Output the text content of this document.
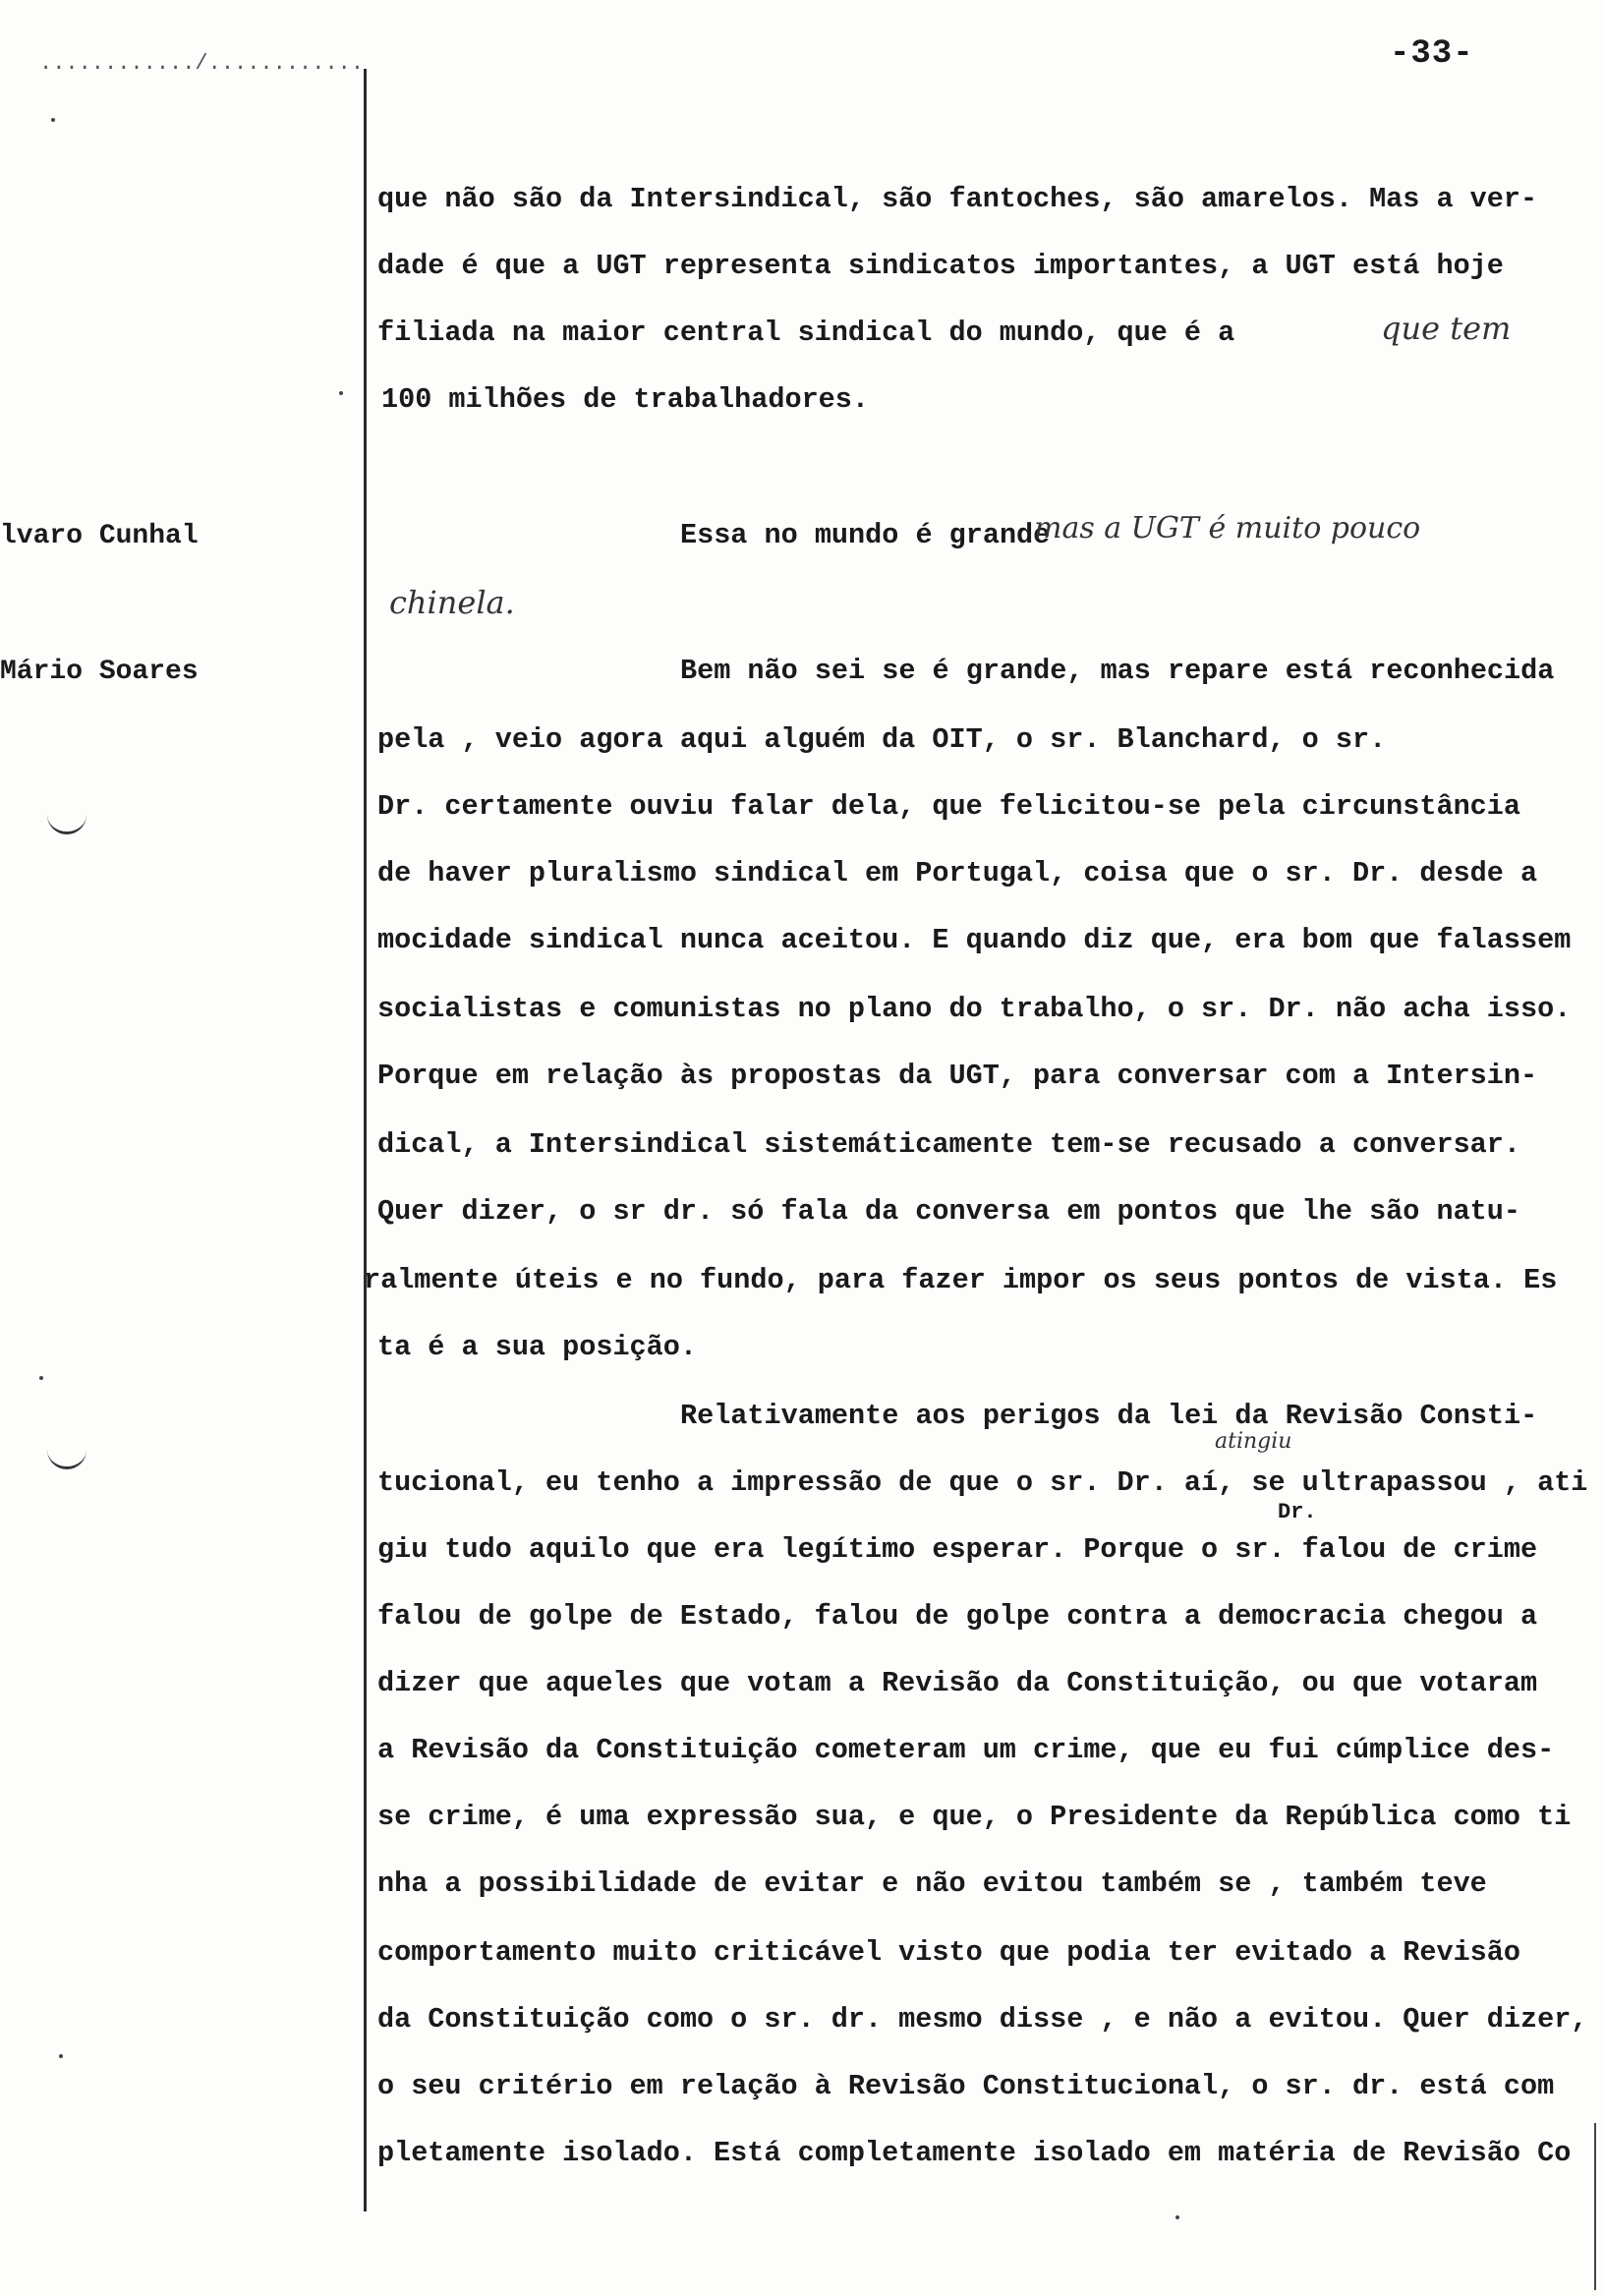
............/............	-33-
lvaro Cunhal
Mário Soares
que não são da Intersindical, são fantoches, são amarelos. Mas a ver-
dade é que a UGT representa sindicatos importantes, a UGT está hoje
filiada na maior central sindical do mundo, que é a	que tem
100 milhões de trabalhadores.
Essa no mundo é grande
mas a UGT é muito pouco
chinela.
Bem não sei se é grande, mas repare está reconhecida
pela , veio agora aqui alguém da OIT, o sr. Blanchard, o sr.
Dr. certamente ouviu falar dela, que felicitou-se pela circunstância
de haver pluralismo sindical em Portugal, coisa que o sr. Dr. desde a
mocidade sindical nunca aceitou. E quando diz que, era bom que falassem
socialistas e comunistas no plano do trabalho, o sr. Dr. não acha isso.
Porque em relação às propostas da UGT, para conversar com a Intersin-
dical, a Intersindical sistemáticamente tem-se recusado a conversar.
Quer dizer, o sr dr. só fala da conversa em pontos que lhe são natu-
ralmente úteis e no fundo, para fazer impor os seus pontos de vista. Es
ta é a sua posição.
Relativamente aos perigos da lei da Revisão Consti-
atingiu
tucional, eu tenho a impressão de que o sr. Dr. aí, se ultrapassou , ati
Dr.
giu tudo aquilo que era legítimo esperar. Porque o sr. falou de crime
falou de golpe de Estado, falou de golpe contra a democracia chegou a
dizer que aqueles que votam a Revisão da Constituição, ou que votaram
a Revisão da Constituição cometeram um crime, que eu fui cúmplice des-
se crime, é uma expressão sua, e que, o Presidente da República como ti
nha a possibilidade de evitar e não evitou também se , também teve
comportamento muito criticável visto que podia ter evitado a Revisão
da Constituição como o sr. dr. mesmo disse , e não a evitou. Quer dizer,
o seu critério em relação à Revisão Constitucional, o sr. dr. está com
pletamente isolado. Está completamente isolado em matéria de Revisão Co
